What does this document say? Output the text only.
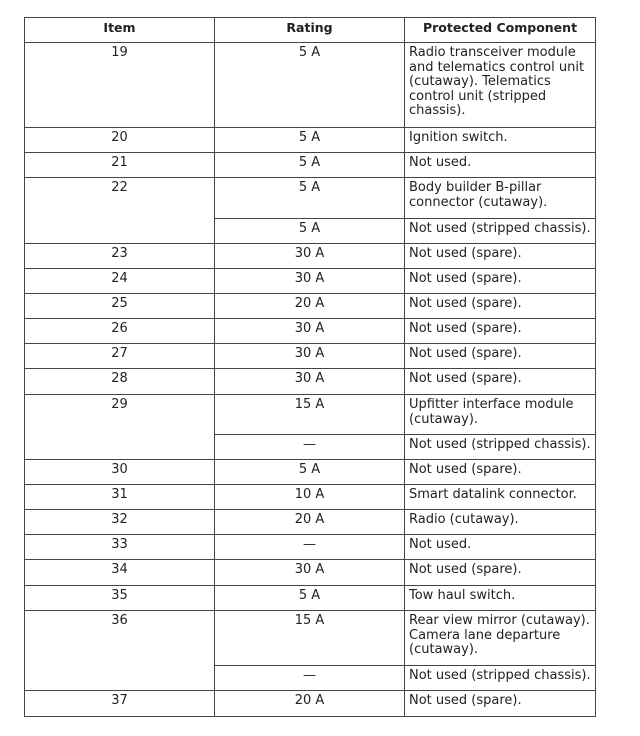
Item	Rating	Protected Component
19	5 A	Radio transceiver module and telematics control unit (cutaway). Telematics control unit (stripped chassis).
20	5 A	Ignition switch.
21	5 A	Not used.
22	5 A	Body builder B-pillar connector (cutaway).
	5 A	Not used (stripped chassis).
23	30 A	Not used (spare).
24	30 A	Not used (spare).
25	20 A	Not used (spare).
26	30 A	Not used (spare).
27	30 A	Not used (spare).
28	30 A	Not used (spare).
29	15 A	Upfitter interface module (cutaway).
	—	Not used (stripped chassis).
30	5 A	Not used (spare).
31	10 A	Smart datalink connector.
32	20 A	Radio (cutaway).
33	—	Not used.
34	30 A	Not used (spare).
35	5 A	Tow haul switch.
36	15 A	Rear view mirror (cutaway). Camera lane departure (cutaway).
	—	Not used (stripped chassis).
37	20 A	Not used (spare).
